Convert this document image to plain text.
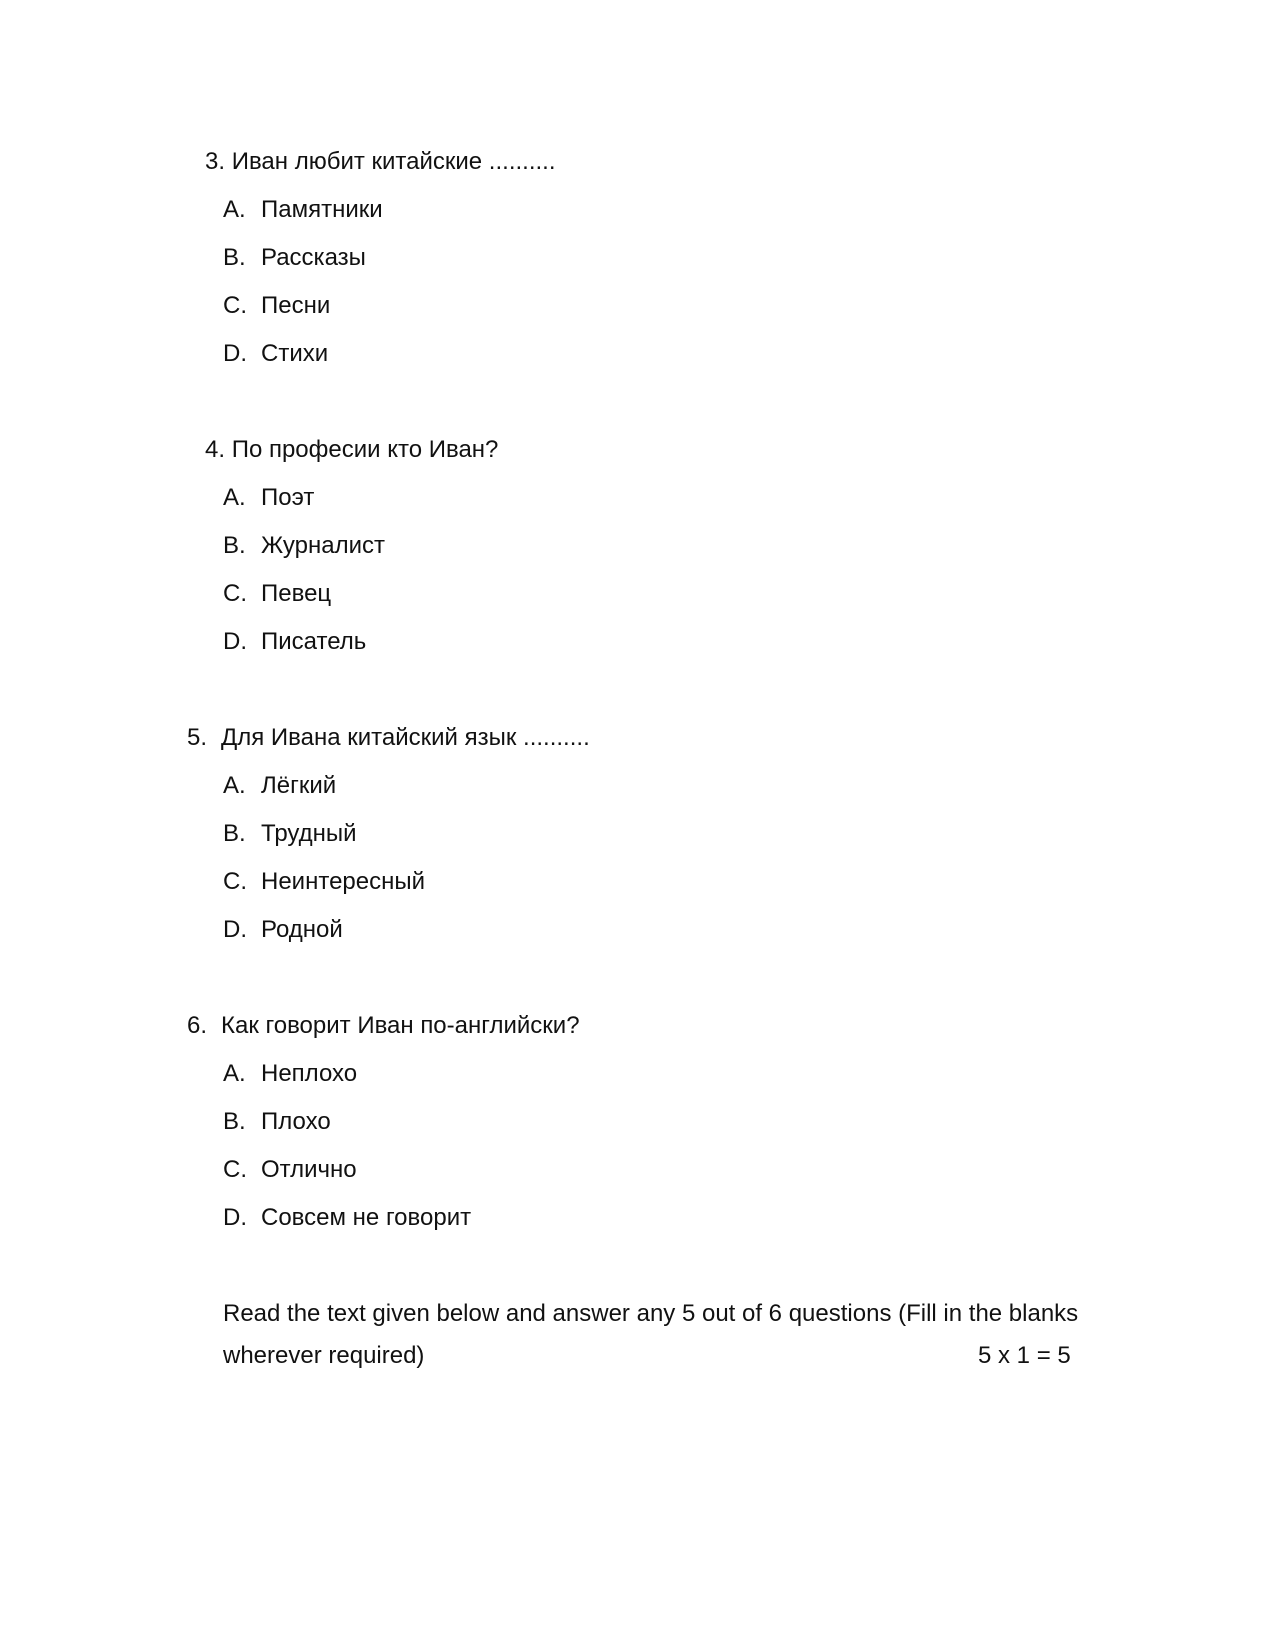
3. Иван любит китайские ..........
A. Памятники
B. Рассказы
C. Песни
D. Стихи
4. По професии кто Иван?
A. Поэт
B. Журналист
C. Певец
D. Писатель
5. Для Ивана китайский язык ..........
A. Лёгкий
B. Трудный
C. Неинтересный
D. Родной
6. Как говорит Иван по-английски?
A. Неплохо
B. Плохо
C. Отлично
D. Совсем не говорит
Read the text given below and answer any 5 out of 6 questions (Fill in the blanks
wherever required)	5 x 1 = 5
